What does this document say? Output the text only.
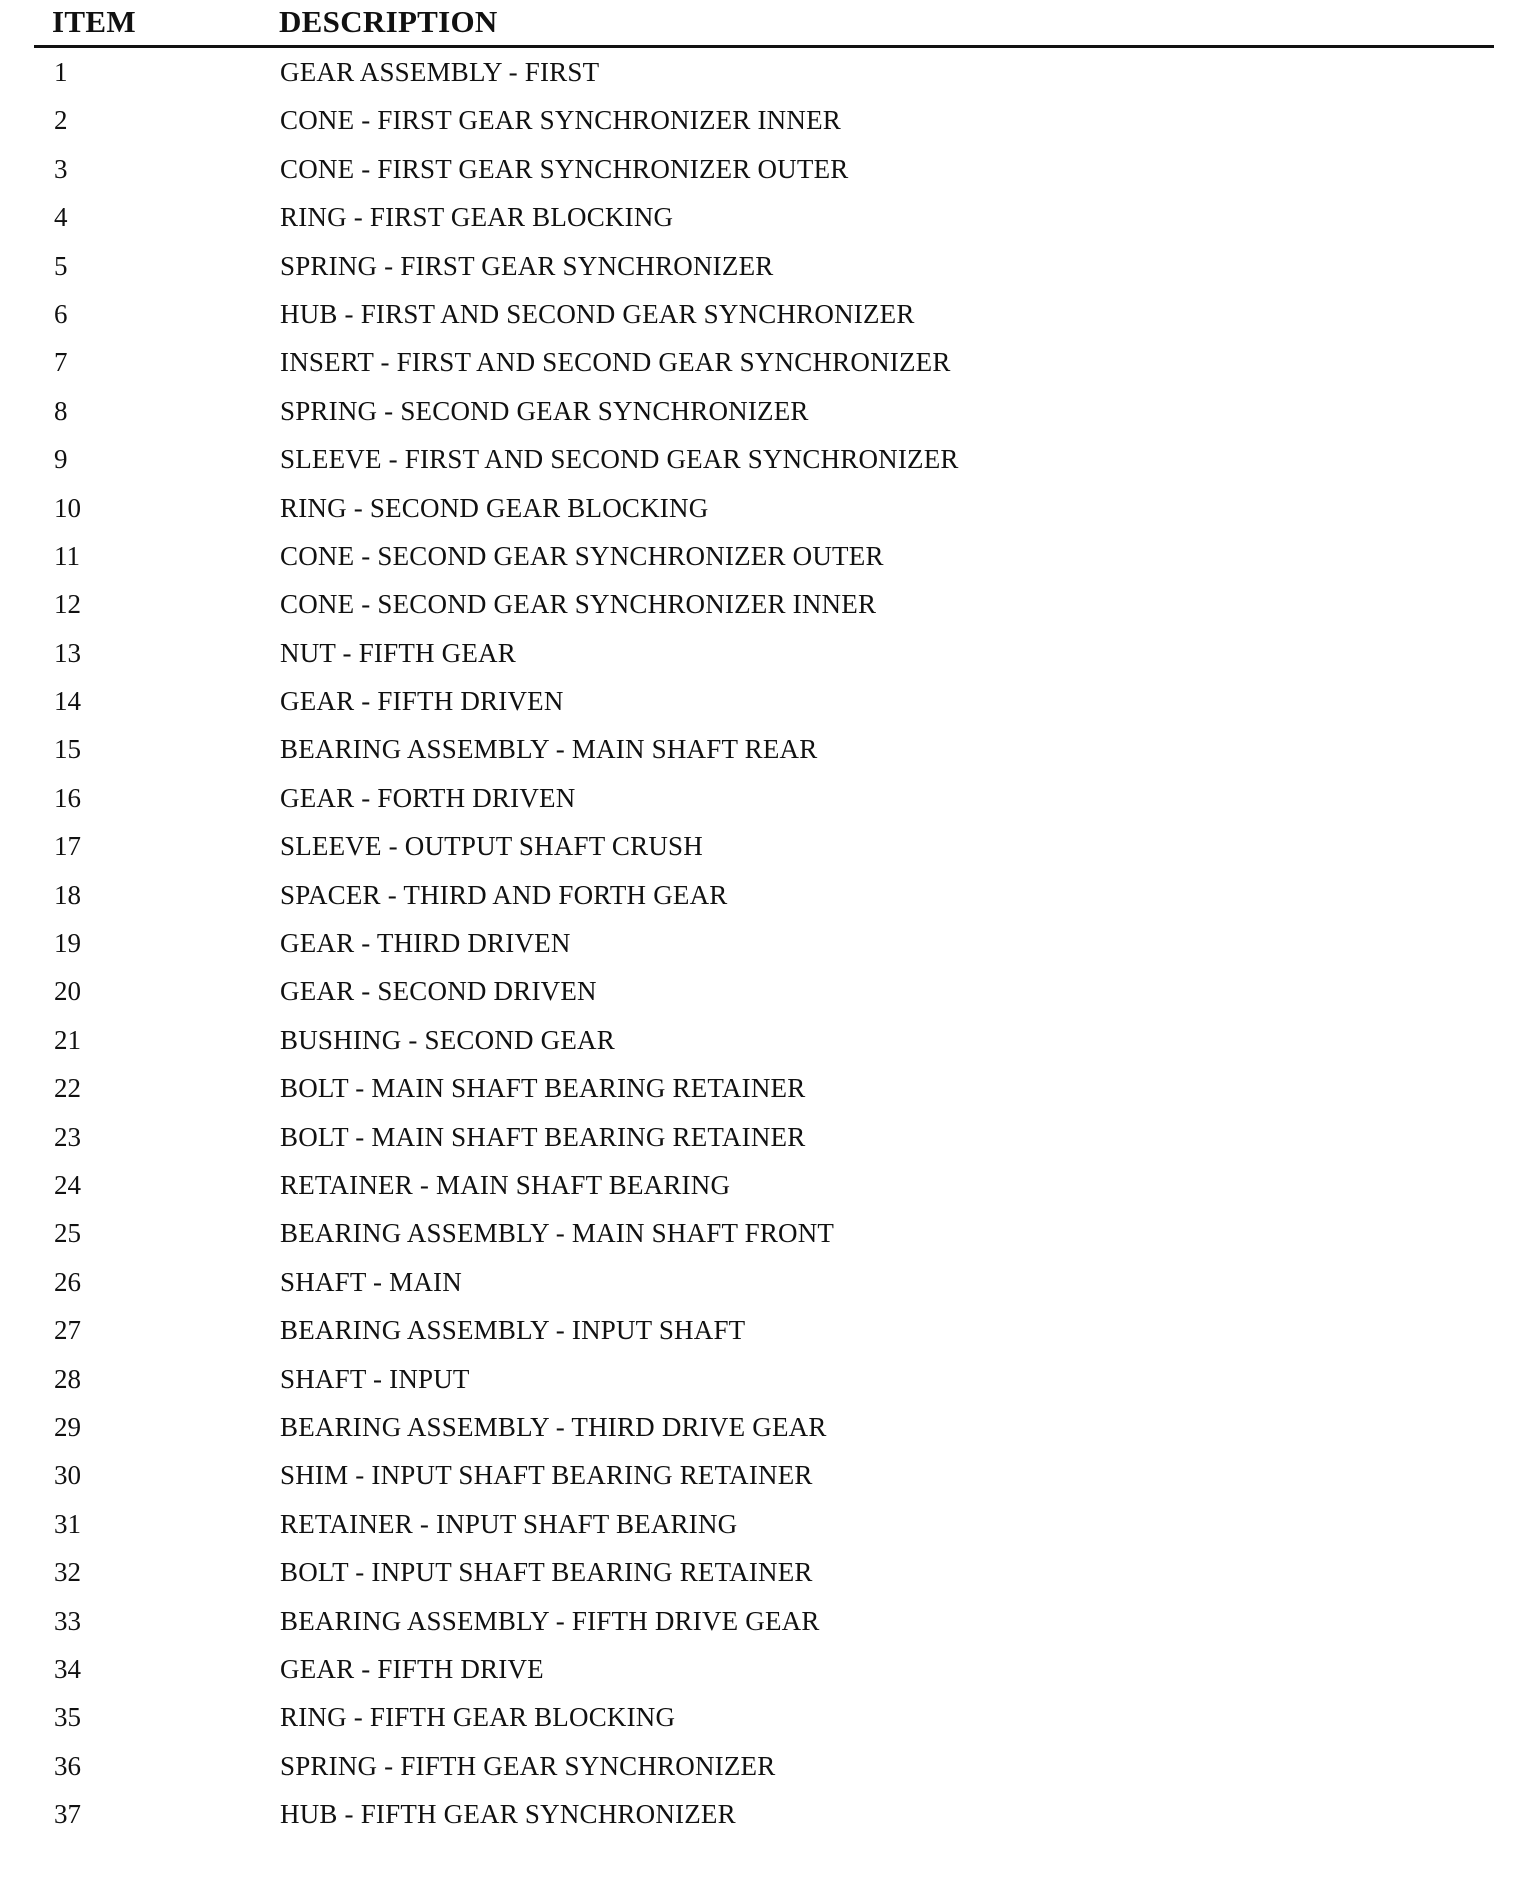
ITEM	DESCRIPTION
1	GEAR ASSEMBLY - FIRST
2	CONE - FIRST GEAR SYNCHRONIZER INNER
3	CONE - FIRST GEAR SYNCHRONIZER OUTER
4	RING - FIRST GEAR BLOCKING
5	SPRING - FIRST GEAR SYNCHRONIZER
6	HUB - FIRST AND SECOND GEAR SYNCHRONIZER
7	INSERT - FIRST AND SECOND GEAR SYNCHRONIZER
8	SPRING - SECOND GEAR SYNCHRONIZER
9	SLEEVE - FIRST AND SECOND GEAR SYNCHRONIZER
10	RING - SECOND GEAR BLOCKING
11	CONE - SECOND GEAR SYNCHRONIZER OUTER
12	CONE - SECOND GEAR SYNCHRONIZER INNER
13	NUT - FIFTH GEAR
14	GEAR - FIFTH DRIVEN
15	BEARING ASSEMBLY - MAIN SHAFT REAR
16	GEAR - FORTH DRIVEN
17	SLEEVE - OUTPUT SHAFT CRUSH
18	SPACER - THIRD AND FORTH GEAR
19	GEAR - THIRD DRIVEN
20	GEAR - SECOND DRIVEN
21	BUSHING - SECOND GEAR
22	BOLT - MAIN SHAFT BEARING RETAINER
23	BOLT - MAIN SHAFT BEARING RETAINER
24	RETAINER - MAIN SHAFT BEARING
25	BEARING ASSEMBLY - MAIN SHAFT FRONT
26	SHAFT - MAIN
27	BEARING ASSEMBLY - INPUT SHAFT
28	SHAFT - INPUT
29	BEARING ASSEMBLY - THIRD DRIVE GEAR
30	SHIM - INPUT SHAFT BEARING RETAINER
31	RETAINER - INPUT SHAFT BEARING
32	BOLT - INPUT SHAFT BEARING RETAINER
33	BEARING ASSEMBLY - FIFTH DRIVE GEAR
34	GEAR - FIFTH DRIVE
35	RING - FIFTH GEAR BLOCKING
36	SPRING - FIFTH GEAR SYNCHRONIZER
37	HUB - FIFTH GEAR SYNCHRONIZER
